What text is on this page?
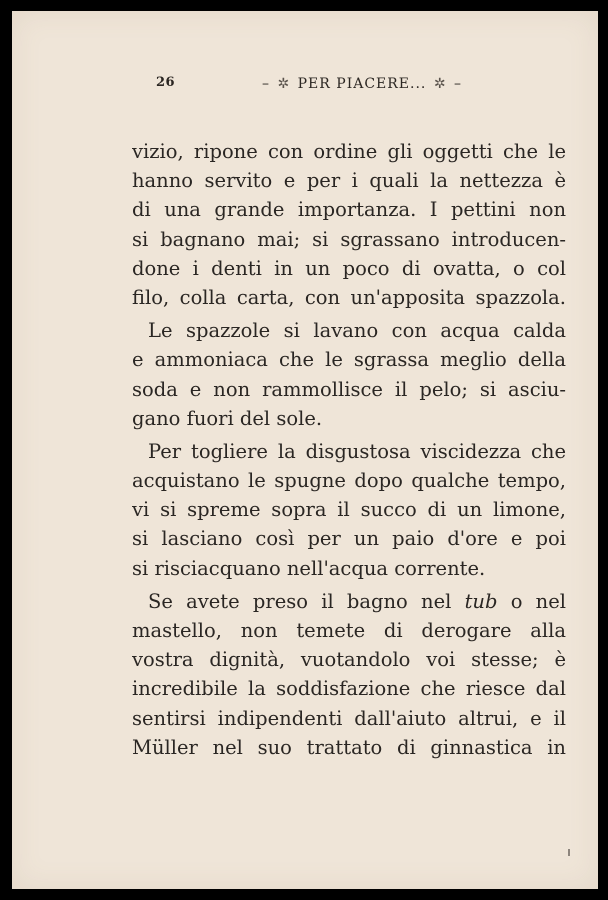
26	– ✲ PER PIACERE... ✲ –
vizio, ripone con ordine gli oggetti che le
hanno servito e per i quali la nettezza è
di una grande importanza. I pettini non
si bagnano mai; si sgrassano introducen-
done i denti in un poco di ovatta, o col
filo, colla carta, con un'apposita spazzola.
Le spazzole si lavano con acqua calda
e ammoniaca che le sgrassa meglio della
soda e non rammollisce il pelo; si asciu-
gano fuori del sole.
Per togliere la disgustosa viscidezza che
acquistano le spugne dopo qualche tempo,
vi si spreme sopra il succo di un limone,
si lasciano così per un paio d'ore e poi
si risciacquano nell'acqua corrente.
Se avete preso il bagno nel tub o nel
mastello, non temete di derogare alla
vostra dignità, vuotandolo voi stesse; è
incredibile la soddisfazione che riesce dal
sentirsi indipendenti dall'aiuto altrui, e il
Müller nel suo trattato di ginnastica in
